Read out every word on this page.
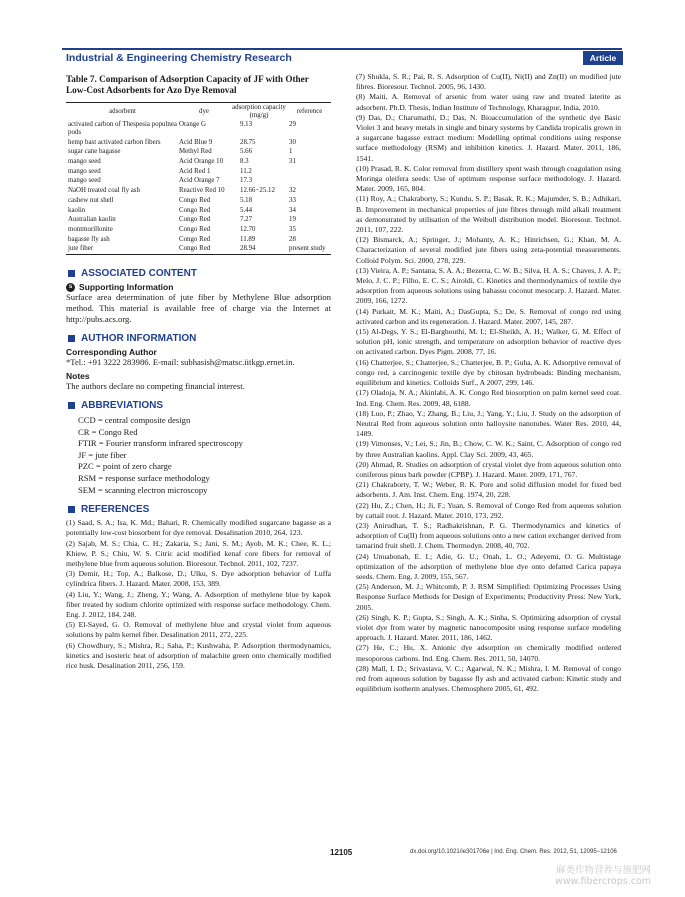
Industrial & Engineering Chemistry Research	Article
Table 7. Comparison of Adsorption Capacity of JF with Other Low-Cost Adsorbents for Azo Dye Removal
adsorbent	dye	adsorption capacity (mg/g)	reference
activated carbon of Thespesia populnea pods	Orange G	9.13	29
hemp bast activated carbon fibers	Acid Blue 9	28.75	30
sugar cane bagasse	Methyl Red	5.66	1
mango seed	Acid Orange 10	8.3	31
mango seed	Acid Red 1	11.2	
mango seed	Acid Orange 7	17.3	
NaOH treated coal fly ash	Reactive Red 10	12.66−25.12	32
cashew nut shell	Congo Red	5.18	33
kaolin	Congo Red	5.44	34
Australian kaolin	Congo Red	7.27	19
montmorillonite	Congo Red	12.70	35
bagasse fly ash	Congo Red	11.89	28
jute fiber	Congo Red	28.94	present study
ASSOCIATED CONTENT
s Supporting Information
Surface area determination of jute fiber by Methylene Blue adsorption method. This material is available free of charge via the Internet at http://pubs.acs.org.
AUTHOR INFORMATION
Corresponding Author
*Tel.: +91 3222 283986. E-mail: subhasish@matsc.iitkgp.ernet.in.
Notes
The authors declare no competing financial interest.
ABBREVIATIONS
CCD = central composite design
CR = Congo Red
FTIR = Fourier transform infrared spectroscopy
JF = jute fiber
PZC = point of zero charge
RSM = response surface methodology
SEM = scanning electron microscopy
REFERENCES
(1) Saad, S. A.; Isa, K. Md.; Bahari, R. Chemically modified sugarcane bagasse as a potentially low-cost biosorbent for dye removal. Desalination 2010, 264, 123.
(2) Sajab, M. S.; Chia, C. H.; Zakaria, S.; Jani, S. M.; Ayob, M. K.; Chee, K. L.; Khiew, P. S.; Chiu, W. S. Citric acid modified kenaf core fibers for removal of methylene blue from aqueous solution. Bioresour. Technol. 2011, 102, 7237.
(3) Demir, H.; Top, A.; Balkose, D.; Ulku, S. Dye adsorption behavior of Luffa cylindrica fibers. J. Hazard. Mater. 2008, 153, 389.
(4) Liu, Y.; Wang, J.; Zheng, Y.; Wang, A. Adsorption of methylene blue by kapok fiber treated by sodium chlorite optimized with response surface methodology. Chem. Eng. J. 2012, 184, 248.
(5) El-Sayed, G. O. Removal of methylene blue and crystal violet from aqueous solutions by palm kernel fiber. Desalination 2011, 272, 225.
(6) Chowdhury, S.; Mishra, R.; Saha, P.; Kushwaha, P. Adsorption thermodynamics, kinetics and isosteric heat of adsorption of malachite green onto chemically modified rice husk. Desalination 2011, 256, 159.
(7) Shukla, S. R.; Pai, R. S. Adsorption of Cu(II), Ni(II) and Zn(II) on modified jute fibres. Bioresour. Technol. 2005, 96, 1430.
(8) Maiti, A. Removal of arsenic from water using raw and treated laterite as adsorbent. Ph.D. Thesis, Indian Institute of Technology, Kharagpur, India, 2010.
(9) Das, D.; Charumathi, D.; Das, N. Bioaccumulation of the synthetic dye Basic Violet 3 and heavy metals in single and binary systems by Candida tropicalis grown in a sugarcane bagasse extract medium: Modelling optimal conditions using response surface methodology (RSM) and inhibition kinetics. J. Hazard. Mater. 2011, 186, 1541.
(10) Prasad, R. K. Color removal from distillery spent wash through coagulation using Moringa oleifera seeds: Use of optimum response surface methodology. J. Hazard. Mater. 2009, 165, 804.
(11) Roy, A.; Chakraborty, S.; Kundu, S. P.; Basak, R. K.; Majumder, S. B.; Adhikari, B. Improvement in mechanical properties of jute fibres through mild alkali treatment as demonstrated by utilisation of the Weibull distribution model. Bioresour. Technol. 2011, 107, 222.
(12) Bismarck, A.; Springer, J.; Mohanty, A. K.; Hinrichsen, G.; Khan, M. A. Characterization of several modified jute fibers using zeta-potential measurements. Colloid Polym. Sci. 2000, 278, 229.
(13) Vieira, A. P.; Santana, S. A. A.; Bezerra, C. W. B.; Silva, H. A. S.; Chaves, J. A. P.; Melo, J. C. P.; Filho, E. C. S.; Airoldi, C. Kinetics and thermodynamics of textile dye adsorption from aqueous solutions using babassu coconut mesocarp. J. Hazard. Mater. 2009, 166, 1272.
(14) Purkait, M. K.; Maiti, A.; DasGupta, S.; De, S. Removal of congo red using activated carbon and its regeneration. J. Hazard. Mater. 2007, 145, 287.
(15) Al-Degs, Y. S.; El-Barghouthi, M. I.; El-Sheikh, A. H.; Walker, G. M. Effect of solution pH, ionic strength, and temperature on adsorption behavior of reactive dyes on activated carbon. Dyes Pigm. 2008, 77, 16.
(16) Chatterjee, S.; Chatterjee, S.; Chatterjee, B. P.; Guha, A. K. Adsorptive removal of congo red, a carcinogenic textile dye by chitosan hydrobeads: Binding mechanism, equilibrium and kinetics. Colloids Surf., A 2007, 299, 146.
(17) Oladoja, N. A.; Akinlabi, A. K. Congo Red biosorption on palm kernel seed coat. Ind. Eng. Chem. Res. 2009, 48, 6188.
(18) Luo, P.; Zhao, Y.; Zhang, B.; Liu, J.; Yang, Y.; Liu, J. Study on the adsorption of Neutral Red from aqueous solution onto halloysite nanotubes. Water Res. 2010, 44, 1489.
(19) Vimonses, V.; Lei, S.; Jin, B.; Chow, C. W. K.; Saint, C. Adsorption of congo red by three Australian kaolins. Appl. Clay Sci. 2009, 43, 465.
(20) Ahmad, R. Studies on adsorption of crystal violet dye from aqueous solution onto coniferous pinus bark powder (CPBP). J. Hazard. Mater. 2009, 171, 767.
(21) Chakraborty, T. W.; Weber, R. K. Pore and solid diffusion model for fixed bed adsorbents. J. Am. Inst. Chem. Eng. 1974, 20, 228.
(22) Hu, Z.; Chen, H.; Ji, F.; Yuan, S. Removal of Congo Red from aqueous solution by cattail root. J. Hazard. Mater. 2010, 173, 292.
(23) Anirudhan, T. S.; Radhakrishnan, P. G. Thermodynamics and kinetics of adsorption of Cu(II) from aqueous solutions onto a new cation exchanger derived from tamarind fruit shell. J. Chem. Thermodyn. 2008, 40, 702.
(24) Unuabonah, E. I.; Adie, G. U.; Onah, L. O.; Adeyemi, O. G. Multistage optimization of the adsorption of methylene blue dye onto defatted Carica papaya seeds. Chem. Eng. J. 2009, 155, 567.
(25) Anderson, M. J.; Whitcomb, P. J. RSM Simplified: Optimizing Processes Using Response Surface Methods for Design of Experiments; Productivity Press: New York, 2005.
(26) Singh, K. P.; Gupta, S.; Singh, A. K.; Sinha, S. Optimizing adsorption of crystal violet dye from water by magnetic nanocomposite using response surface modeling approach. J. Hazard. Mater. 2011, 186, 1462.
(27) He, C.; Hu, X. Anionic dye adsorption on chemically modified ordered mesoporous carbons. Ind. Eng. Chem. Res. 2011, 50, 14070.
(28) Mall, I. D.; Srivastava, V. C.; Agarwal, N. K.; Mishra, I. M. Removal of congo red from aqueous solution by bagasse fly ash and activated carbon: Kinetic study and equilibrium isotherm analyses. Chemosphere 2005, 61, 492.
12105	dx.doi.org/10.1021/ie301706e | Ind. Eng. Chem. Res. 2012, 51, 12095−12106
麻类作物营养与施肥网
www.fibercrops.com
